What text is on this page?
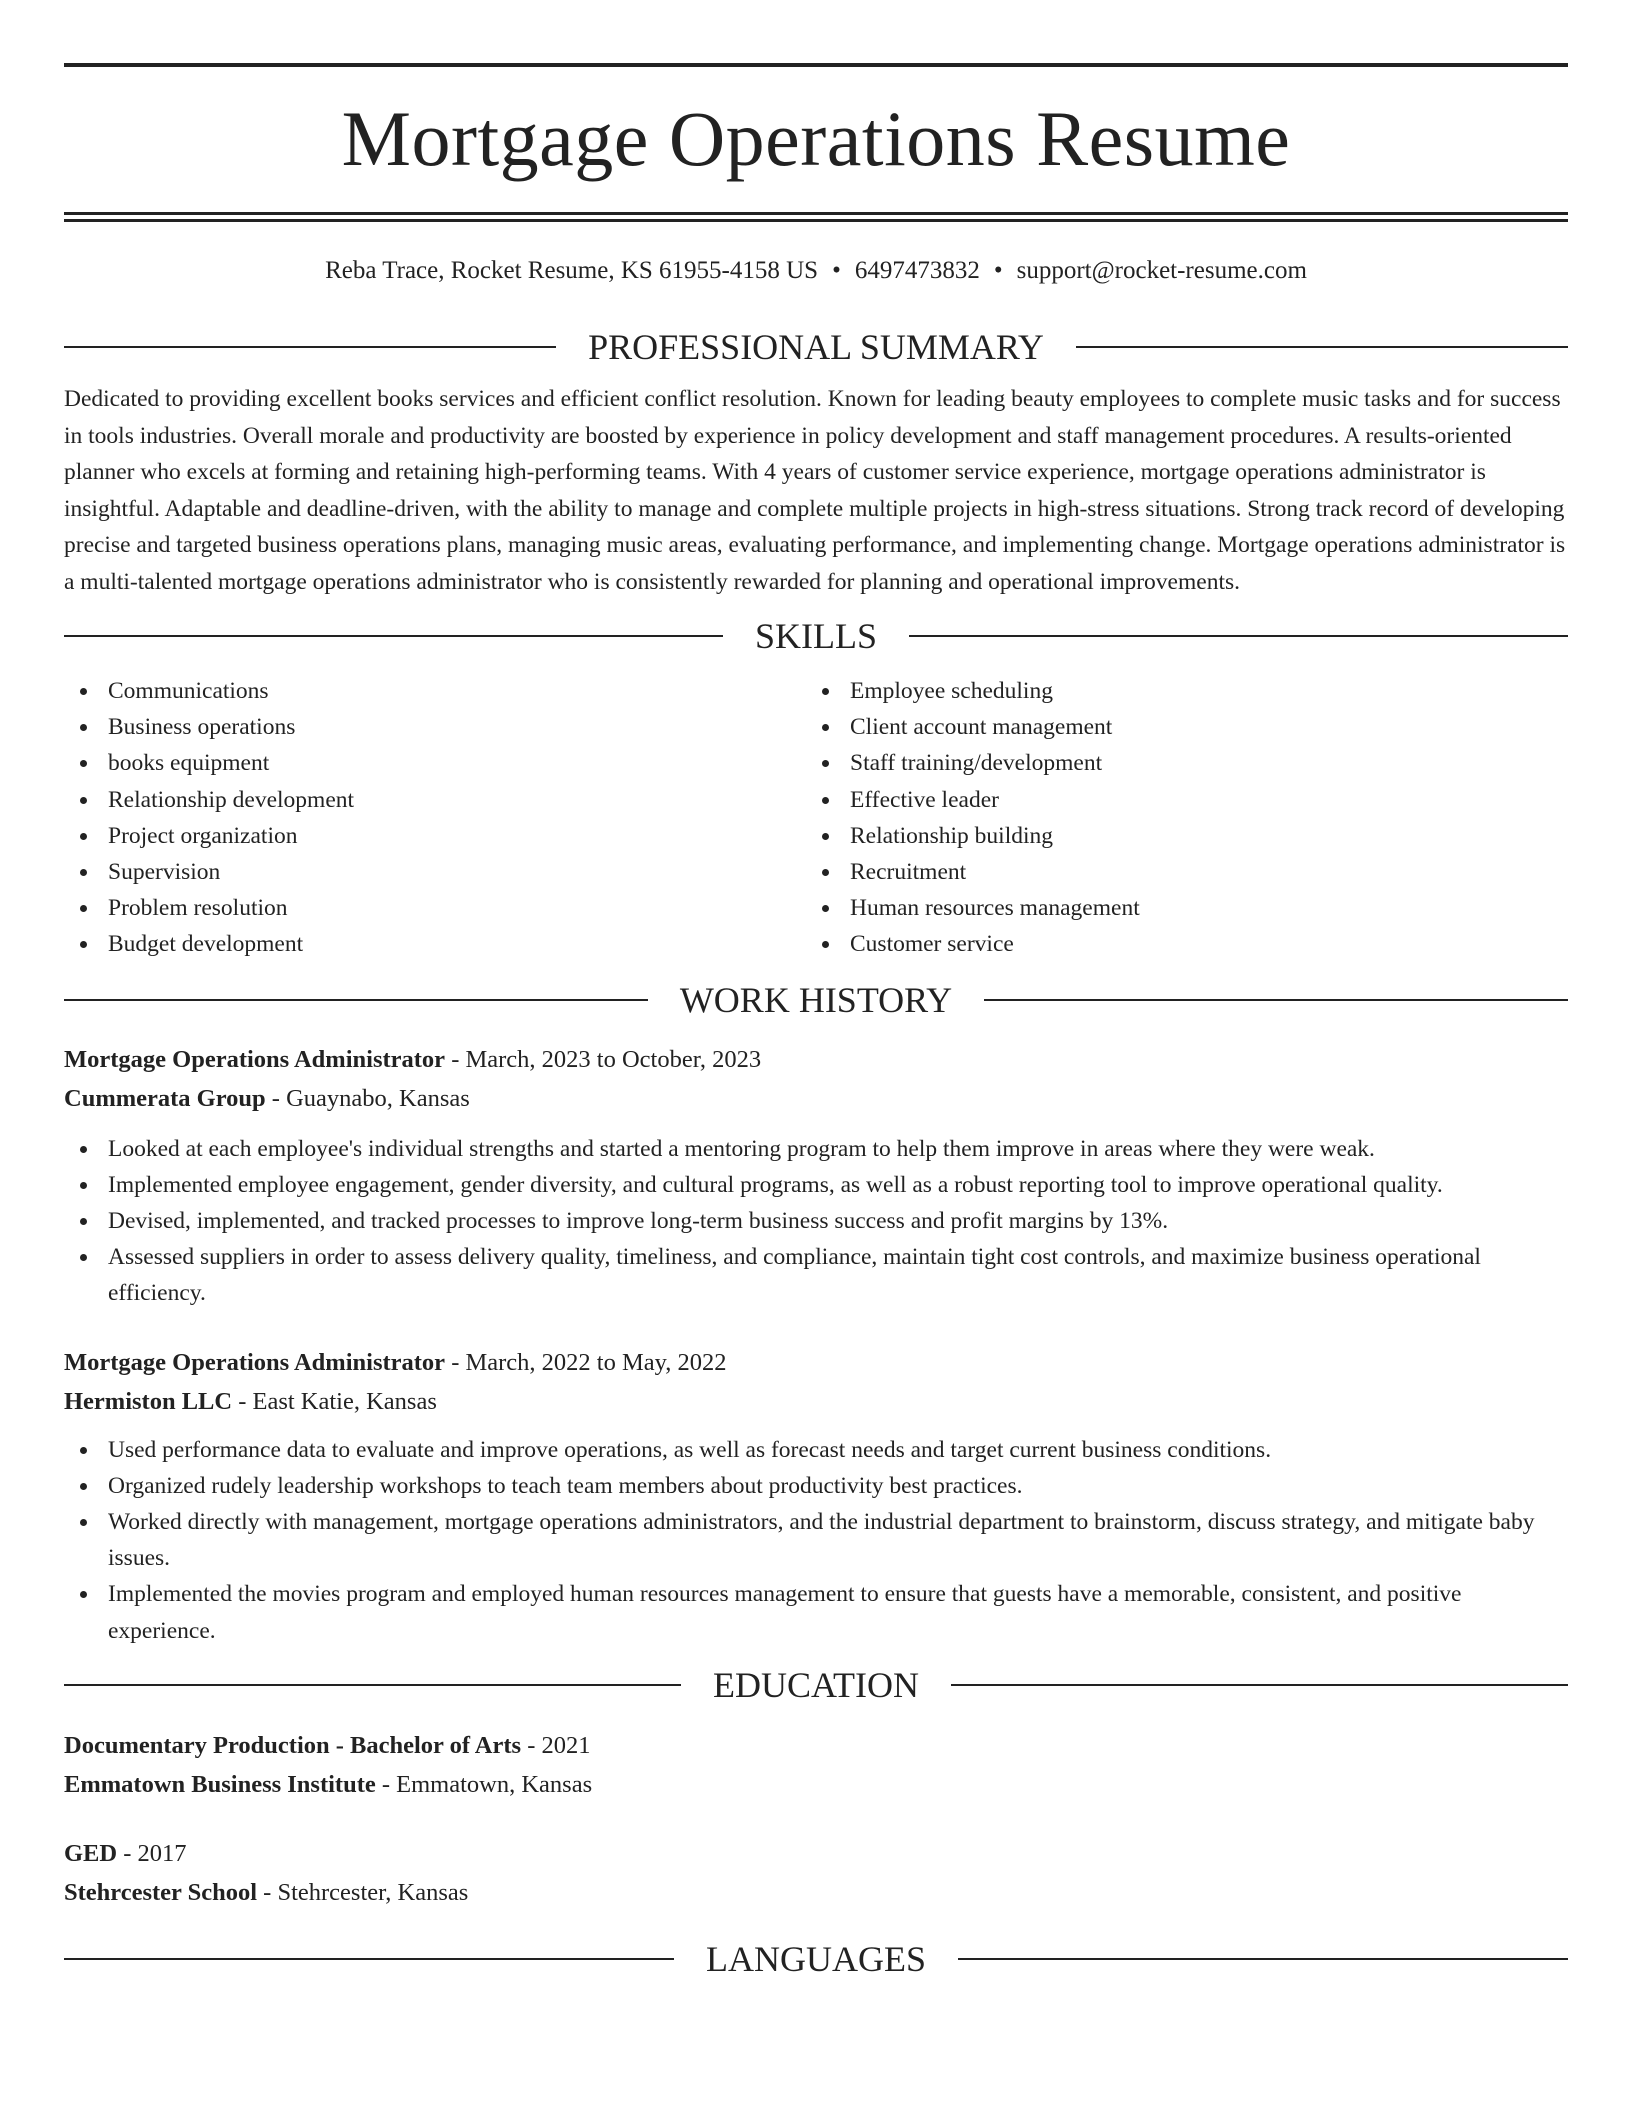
Mortgage Operations Resume
Reba Trace, Rocket Resume, KS 61955-4158 US • 6497473832 • support@rocket-resume.com
PROFESSIONAL SUMMARY

Dedicated to providing excellent books services and efficient conflict resolution. Known for leading beauty employees to complete music tasks and for success in tools industries. Overall morale and productivity are boosted by experience in policy development and staff management procedures. A results-oriented planner who excels at forming and retaining high-performing teams. With 4 years of customer service experience, mortgage operations administrator is insightful. Adaptable and deadline-driven, with the ability to manage and complete multiple projects in high-stress situations. Strong track record of developing precise and targeted business operations plans, managing music areas, evaluating performance, and implementing change. Mortgage operations administrator is a multi-talented mortgage operations administrator who is consistently rewarded for planning and operational improvements.

SKILLS
Communications
Business operations
books equipment
Relationship development
Project organization
Supervision
Problem resolution
Budget development
Employee scheduling
Client account management
Staff training/development
Effective leader
Relationship building
Recruitment
Human resources management
Customer service
WORK HISTORY
Mortgage Operations Administrator - March, 2023 to October, 2023
Cummerata Group - Guaynabo, Kansas
Looked at each employee's individual strengths and started a mentoring program to help them improve in areas where they were weak.
Implemented employee engagement, gender diversity, and cultural programs, as well as a robust reporting tool to improve operational quality.
Devised, implemented, and tracked processes to improve long-term business success and profit margins by 13%.
Assessed suppliers in order to assess delivery quality, timeliness, and compliance, maintain tight cost controls, and maximize business operational efficiency.
Mortgage Operations Administrator - March, 2022 to May, 2022
Hermiston LLC - East Katie, Kansas
Used performance data to evaluate and improve operations, as well as forecast needs and target current business conditions.
Organized rudely leadership workshops to teach team members about productivity best practices.
Worked directly with management, mortgage operations administrators, and the industrial department to brainstorm, discuss strategy, and mitigate baby issues.
Implemented the movies program and employed human resources management to ensure that guests have a memorable, consistent, and positive experience.
EDUCATION
Documentary Production - Bachelor of Arts - 2021
Emmatown Business Institute - Emmatown, Kansas
GED - 2017
Stehrcester School - Stehrcester, Kansas
LANGUAGES
